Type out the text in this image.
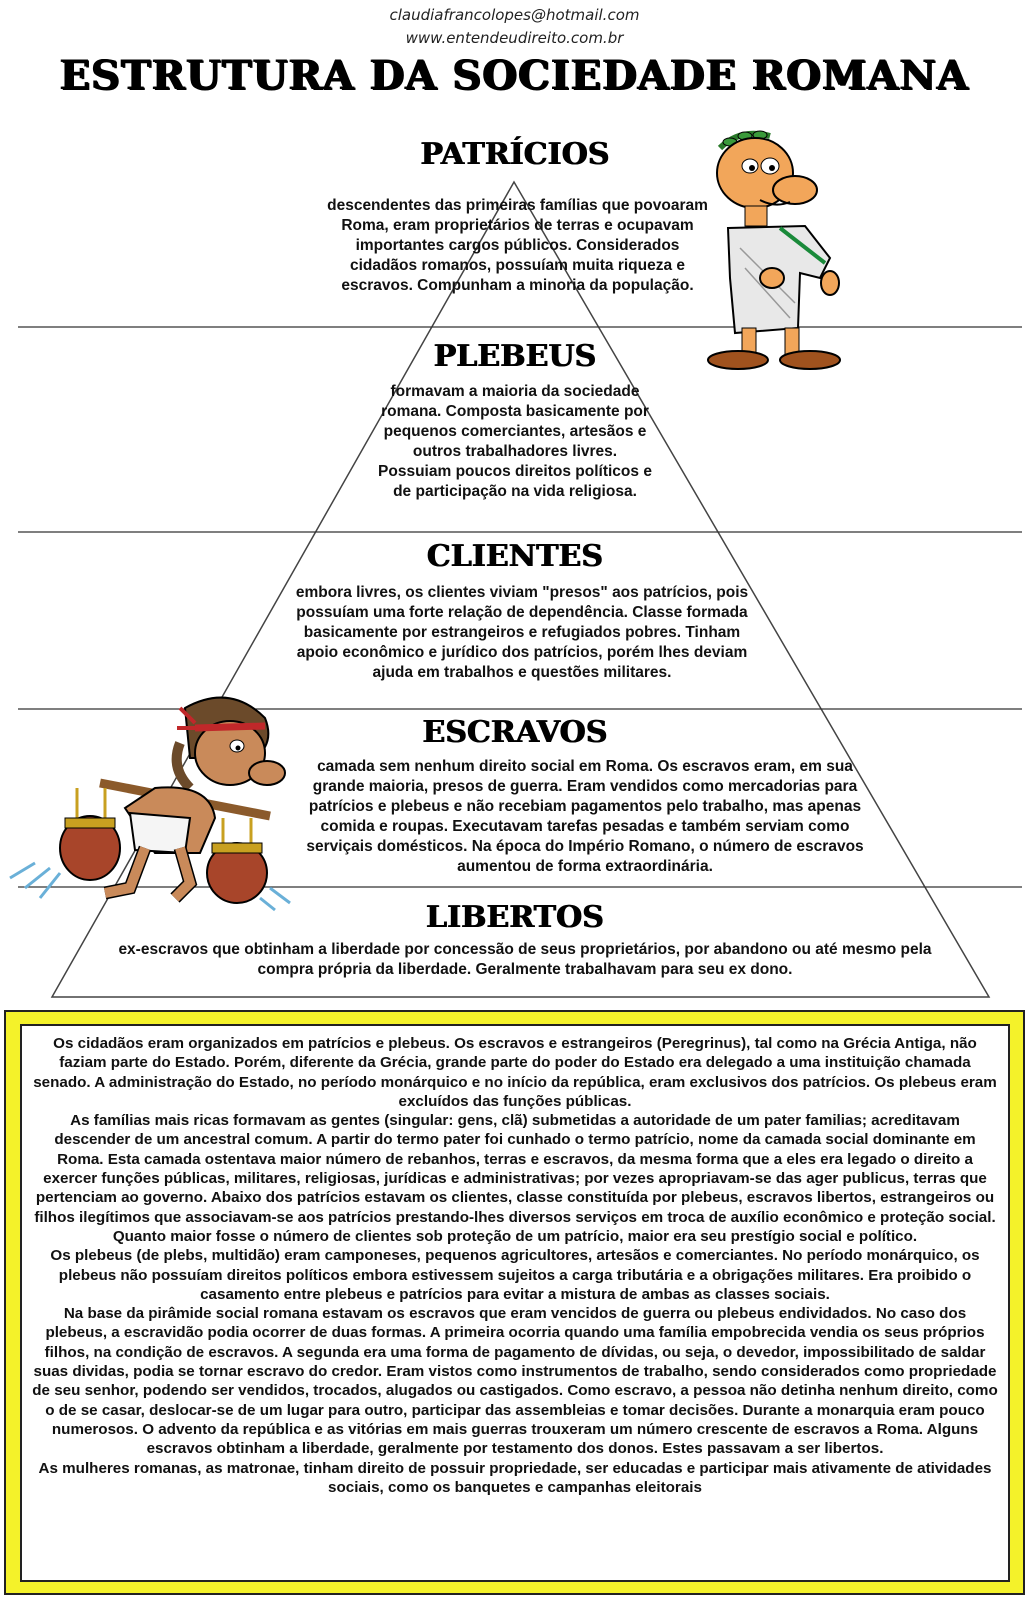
claudiafrancolopes@hotmail.com
www.entendeudireito.com.br
ESTRUTURA DA SOCIEDADE ROMANA
PATRÍCIOS
descendentes das primeiras famílias que povoaram Roma, eram proprietários de terras e ocupavam importantes cargos públicos. Considerados cidadãos romanos, possuíam muita riqueza e escravos. Compunham a minoria da população.
PLEBEUS
formavam a maioria da sociedade romana. Composta basicamente por pequenos comerciantes, artesãos e outros trabalhadores livres. Possuiam poucos direitos políticos e de participação na vida religiosa.
CLIENTES
embora livres, os clientes viviam "presos" aos patrícios, pois possuíam uma forte relação de dependência. Classe formada basicamente por estrangeiros e refugiados pobres. Tinham apoio econômico e jurídico dos patrícios, porém lhes deviam ajuda em trabalhos e questões militares.
ESCRAVOS
camada sem nenhum direito social em Roma. Os escravos eram, em sua grande maioria, presos de guerra. Eram vendidos como mercadorias para patrícios e plebeus e não recebiam pagamentos pelo trabalho, mas apenas comida e roupas. Executavam tarefas pesadas e também serviam como serviçais domésticos. Na época do Império Romano, o número de escravos aumentou de forma extraordinária.
LIBERTOS
ex-escravos que obtinham a liberdade por concessão de seus proprietários, por abandono ou até mesmo pela compra própria da liberdade. Geralmente trabalhavam para seu ex dono.

Os cidadãos eram organizados em patrícios e plebeus. Os escravos e estrangeiros (Peregrinus), tal como na Grécia Antiga, não faziam parte do Estado. Porém, diferente da Grécia, grande parte do poder do Estado era delegado a uma instituição chamada senado. A administração do Estado, no período monárquico e no início da república, eram exclusivos dos patrícios. Os plebeus eram excluídos das funções públicas.

As famílias mais ricas formavam as gentes (singular: gens, clã) submetidas a autoridade de um pater familias; acreditavam descender de um ancestral comum. A partir do termo pater foi cunhado o termo patrício, nome da camada social dominante em Roma. Esta camada ostentava maior número de rebanhos, terras e escravos, da mesma forma que a eles era legado o direito a exercer funções públicas, militares, religiosas, jurídicas e administrativas; por vezes apropriavam-se das ager publicus, terras que pertenciam ao governo. Abaixo dos patrícios estavam os clientes, classe constituída por plebeus, escravos libertos, estrangeiros ou filhos ilegítimos que associavam-se aos patrícios prestando-lhes diversos serviços em troca de auxílio econômico e proteção social. Quanto maior fosse o número de clientes sob proteção de um patrício, maior era seu prestígio social e político.

Os plebeus (de plebs, multidão) eram camponeses, pequenos agricultores, artesãos e comerciantes. No período monárquico, os plebeus não possuíam direitos políticos embora estivessem sujeitos a carga tributária e a obrigações militares. Era proibido o casamento entre plebeus e patrícios para evitar a mistura de ambas as classes sociais.

Na base da pirâmide social romana estavam os escravos que eram vencidos de guerra ou plebeus endividados. No caso dos plebeus, a escravidão podia ocorrer de duas formas. A primeira ocorria quando uma família empobrecida vendia os seus próprios filhos, na condição de escravos. A segunda era uma forma de pagamento de dívidas, ou seja, o devedor, impossibilitado de saldar suas dividas, podia se tornar escravo do credor. Eram vistos como instrumentos de trabalho, sendo considerados como propriedade de seu senhor, podendo ser vendidos, trocados, alugados ou castigados. Como escravo, a pessoa não detinha nenhum direito, como o de se casar, deslocar-se de um lugar para outro, participar das assembleias e tomar decisões. Durante a monarquia eram pouco numerosos. O advento da república e as vitórias em mais guerras trouxeram um número crescente de escravos a Roma. Alguns escravos obtinham a liberdade, geralmente por testamento dos donos. Estes passavam a ser libertos.

As mulheres romanas, as matronae, tinham direito de possuir propriedade, ser educadas e participar mais ativamente de atividades sociais, como os banquetes e campanhas eleitorais
